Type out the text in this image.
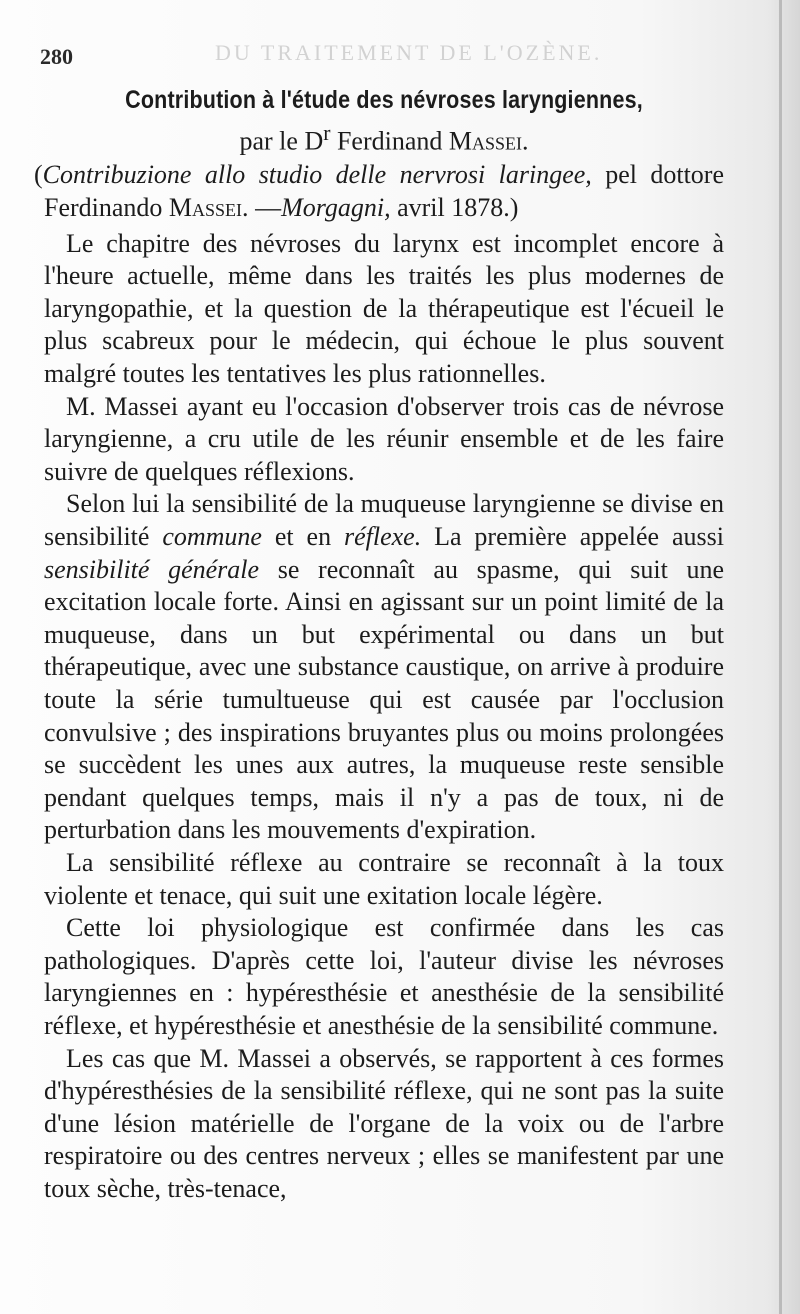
280	DU TRAITEMENT DE L'OZÈNE.
Contribution à l'étude des névroses laryngiennes,

par le $D^r$ Ferdinand Massei.

(Contribuzione allo studio delle nervrosi laringee, pel dottore Ferdinando Massei. —Morgagni, avril 1878.)

Le chapitre des névroses du larynx est incomplet encore à l'heure actuelle, même dans les traités les plus modernes de laryngopathie, et la question de la thérapeutique est l'écueil le plus scabreux pour le médecin, qui échoue le plus souvent malgré toutes les tentatives les plus rationnelles.

M. Massei ayant eu l'occasion d'observer trois cas de névrose laryngienne, a cru utile de les réunir ensemble et de les faire suivre de quelques réflexions.

Selon lui la sensibilité de la muqueuse laryngienne se divise en sensibilité commune et en réflexe. La première appelée aussi sensibilité générale se reconnaît au spasme, qui suit une excitation locale forte. Ainsi en agissant sur un point limité de la muqueuse, dans un but expérimental ou dans un but thérapeutique, avec une substance caustique, on arrive à produire toute la série tumultueuse qui est causée par l'occlusion convulsive ; des inspirations bruyantes plus ou moins prolongées se succèdent les unes aux autres, la muqueuse reste sensible pendant quelques temps, mais il n'y a pas de toux, ni de perturbation dans les mouvements d'expiration.

La sensibilité réflexe au contraire se reconnaît à la toux violente et tenace, qui suit une exitation locale légère.

Cette loi physiologique est confirmée dans les cas pathologiques. D'après cette loi, l'auteur divise les névroses laryngiennes en : hypéresthésie et anesthésie de la sensibilité réflexe, et hypéresthésie et anesthésie de la sensibilité commune.

Les cas que M. Massei a observés, se rapportent à ces formes d'hypéresthésies de la sensibilité réflexe, qui ne sont pas la suite d'une lésion matérielle de l'organe de la voix ou de l'arbre respiratoire ou des centres nerveux ; elles se manifestent par une toux sèche, très-tenace,
